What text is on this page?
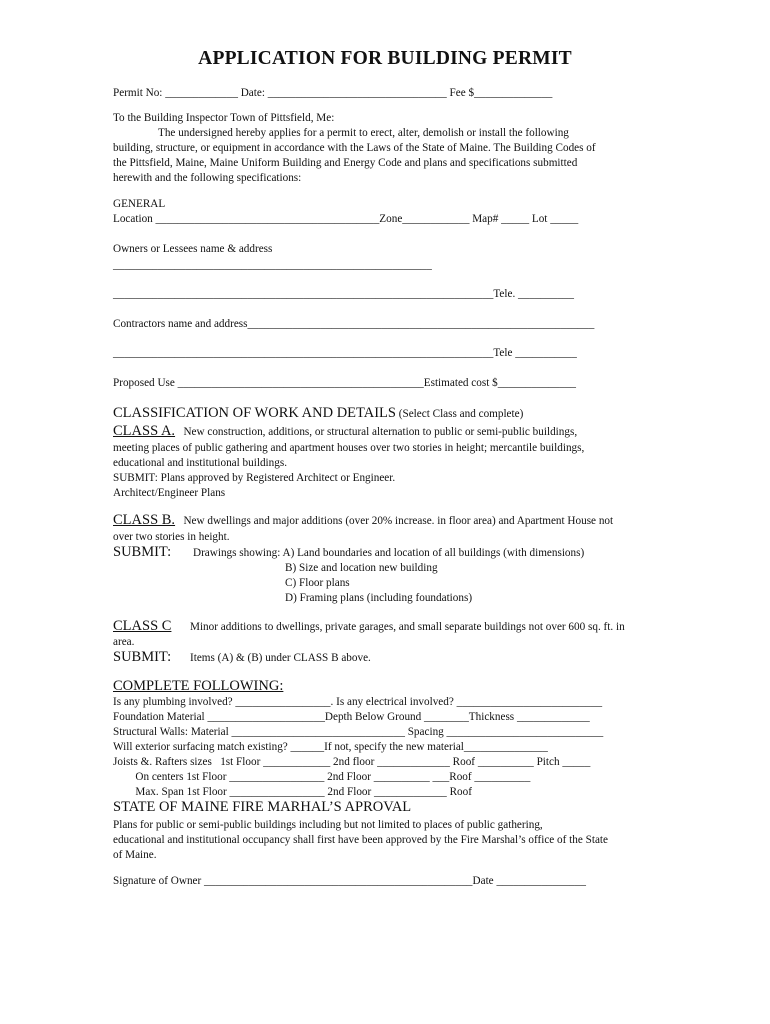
APPLICATION FOR BUILDING PERMIT
Permit No: _____________ Date: ________________________________ Fee $______________
To the Building Inspector Town of Pittsfield, Me:
The undersigned hereby applies for a permit to erect, alter, demolish or install the following
building, structure, or equipment in accordance with the Laws of the State of Maine. The Building Codes of
the Pittsfield, Maine, Maine Uniform Building and Energy Code and plans and specifications submitted
herewith and the following specifications:
GENERAL
Location ________________________________________Zone____________ Map# _____ Lot _____
Owners or Lessees name & address
_________________________________________________________
____________________________________________________________________Tele. __________
Contractors name and address______________________________________________________________
____________________________________________________________________Tele ___________
Proposed Use ____________________________________________Estimated cost $______________
CLASSIFICATION OF WORK AND DETAILS (Select Class and complete)
CLASS A.   New construction, additions, or structural alternation to public or semi-public buildings,
meeting places of public gathering and apartment houses over two stories in height; mercantile buildings,
educational and institutional buildings.
SUBMIT: Plans approved by Registered Architect or Engineer.
Architect/Engineer Plans
CLASS B.   New dwellings and major additions (over 20% increase. in floor area) and Apartment House not
over two stories in height.
SUBMIT: Drawings showing: A) Land boundaries and location of all buildings (with dimensions)
B) Size and location new building
C) Floor plans
D) Framing plans (including foundations)
CLASS C Minor additions to dwellings, private garages, and small separate buildings not over 600 sq. ft. in
area.
SUBMIT: Items (A) & (B) under CLASS B above.
COMPLETE FOLLOWING:
Is any plumbing involved? _________________. Is any electrical involved? __________________________
Foundation Material _____________________Depth Below Ground ________Thickness _____________
Structural Walls: Material _______________________________ Spacing ____________________________
Will exterior surfacing match existing? ______If not, specify the new material_______________
Joists &. Rafters sizes   1st Floor ____________ 2nd floor _____________ Roof __________ Pitch _____
On centers 1st Floor _________________ 2nd Floor __________ ___Roof __________
Max. Span 1st Floor _________________ 2nd Floor _____________ Roof
STATE OF MAINE FIRE MARHAL’S APROVAL
Plans for public or semi-public buildings including but not limited to places of public gathering,
educational and institutional occupancy shall first have been approved by the Fire Marshal’s office of the State
of Maine.
Signature of Owner ________________________________________________Date ________________
